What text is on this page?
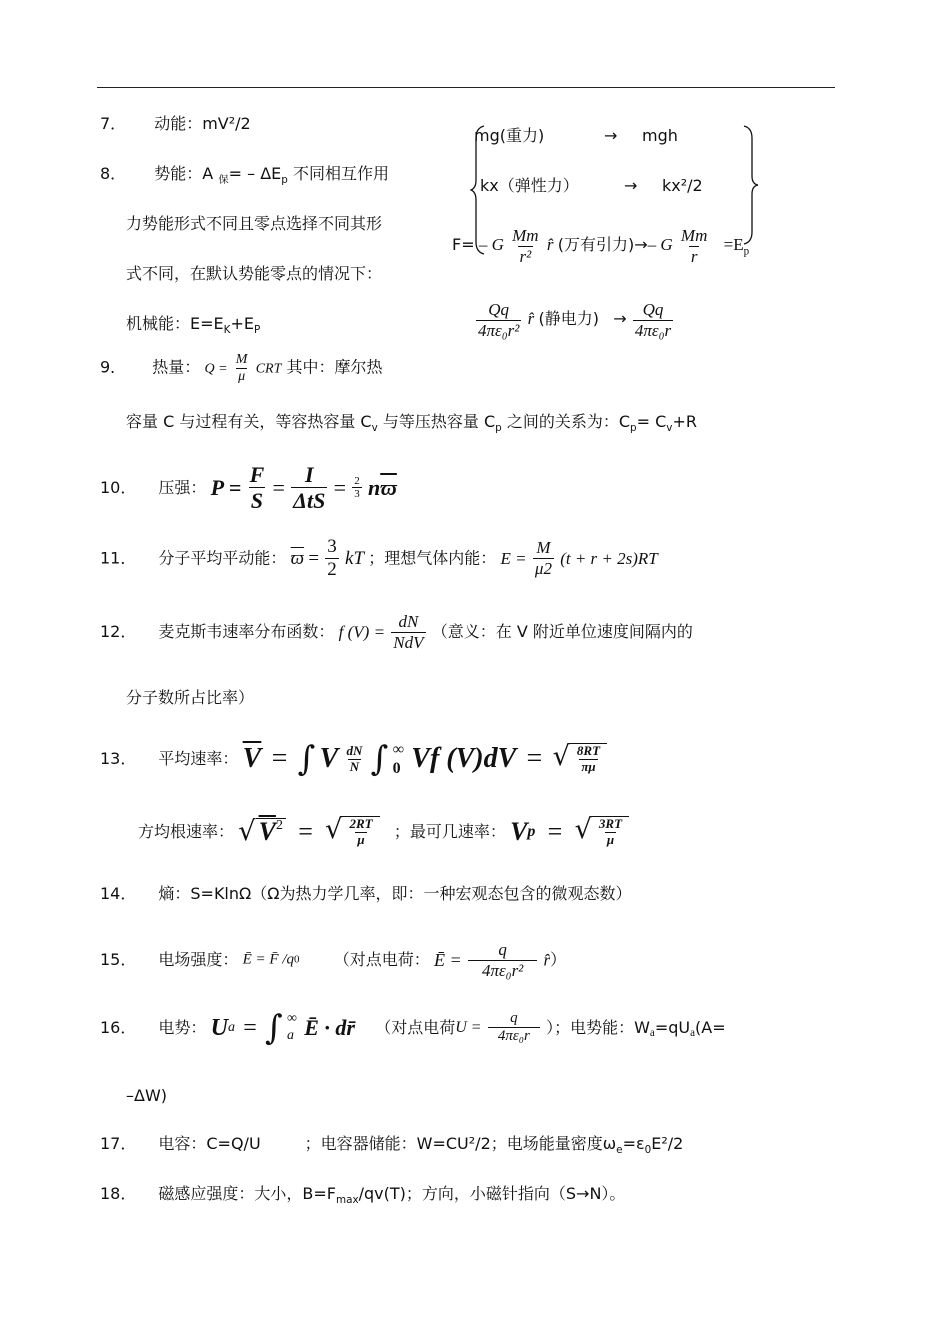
7． 动能：mV²/2
8． 势能：A $_保= - \Delta E_p$ 不同相互作用
力势能形式不同且零点选择不同其形
式不同，在默认势能零点的情况下：
机械能：$E=E_K+E_P$
mg(重力)	→ mgh
kx（弹性力）	→ kx²/2
F= – G $\frac{Mm}{\text{r²}}$ r̂ (万有引力)→– G $\frac{Mm}{r} =E_p$
$\frac{Qq}{\text{4πε₀r²}}$ r̂ (静电力) → $\frac{Qq}{\text{4πε₀r}}$
9． 热量： $Q = \frac{M}{\mu}$ CRT 其中：摩尔热
容量 C 与过程有关，等容热容量 $C_v$ 与等压热容量 $C_p$ 之间的关系为：$C_p= C_v+R$
10． 压强： $P = \frac{F}{S} = \frac{I}{\text{ΔtS}} = \frac{2}{3} n\overline{ϖ}$
11． 分子平均平动能： $\overline{ϖ} = \frac{3}{2}$ kT ；理想气体内能： $E = \frac{M}{\mu 2} (t + r + 2s)RT$
12． 麦克斯韦速率分布函数： f $(V) = \frac{dN}{\text{NdV}}$ （意义：在 V 附近单位速度间隔内的
分子数所占比率）
13． 平均速率： $\overline{V}$ = ∫ V $\frac{dN}{N}$ ∫ ∞
0 Vf (V)dV = √ $\frac{8RT}{\pi\mu}$
方均根速率： √ $V^2$ = √ $\frac{2RT}{\mu}$ ；最可几速率： Vp = √ $\frac{3RT}{\mu}$
14． 熵：S=KlnΩ（Ω为热力学几率，即：一种宏观态包含的微观态数）
15． 电场强度： Ē = F̄ /q0 （对点电荷： Ē = $\frac{q}{\text{4πε₀r²}}$ r̂）
16． 电势： Ua = ∫ ∞
a Ē · dr̄ （对点电荷$U = \frac{q}{\text{4πε₀r}}$ ）；电势能：$W_a=qU_a(A=$
–ΔW)
17． 电容：C=Q/U	；电容器储能：W=CU²/2；电场能量密度$\omega_e=\varepsilon_0E^2/2$
18． 磁感应强度：大小，$B=F_{max}/qv(T)$；方向，小磁针指向（S→N）。
